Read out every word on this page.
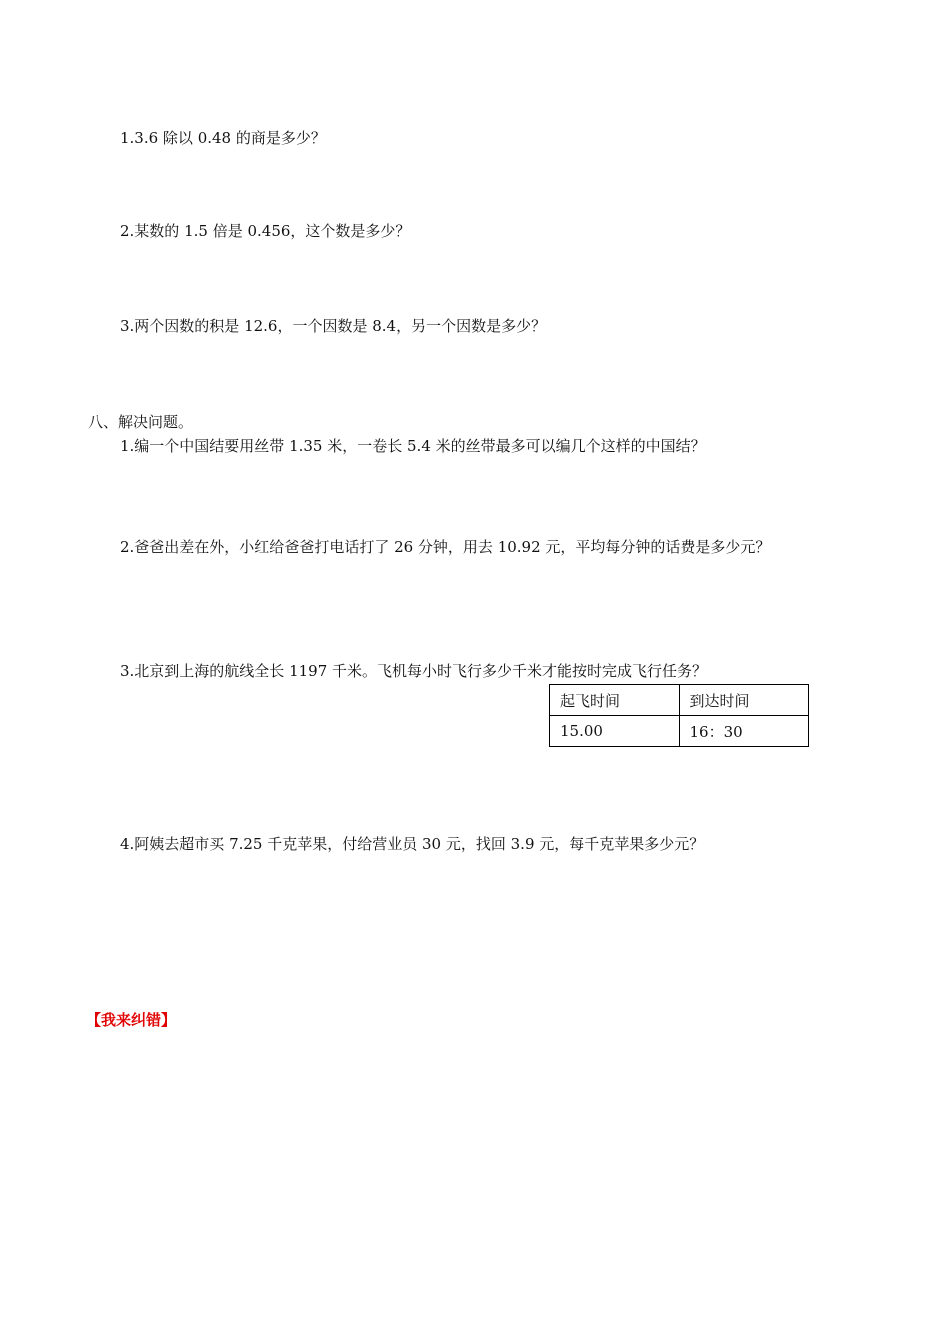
1.3.6 除以 0.48 的商是多少？
2.某数的 1.5 倍是 0.456，这个数是多少？
3.两个因数的积是 12.6，一个因数是 8.4，另一个因数是多少？
八、解决问题。
1.编一个中国结要用丝带 1.35 米，一卷长 5.4 米的丝带最多可以编几个这样的中国结？
2.爸爸出差在外，小红给爸爸打电话打了 26 分钟，用去 10.92 元，平均每分钟的话费是多少元？
3.北京到上海的航线全长 1197 千米。飞机每小时飞行多少千米才能按时完成飞行任务？
起飞时间	到达时间
15.00	16：30
4.阿姨去超市买 7.25 千克苹果，付给营业员 30 元，找回 3.9 元，每千克苹果多少元？
【我来纠错】
